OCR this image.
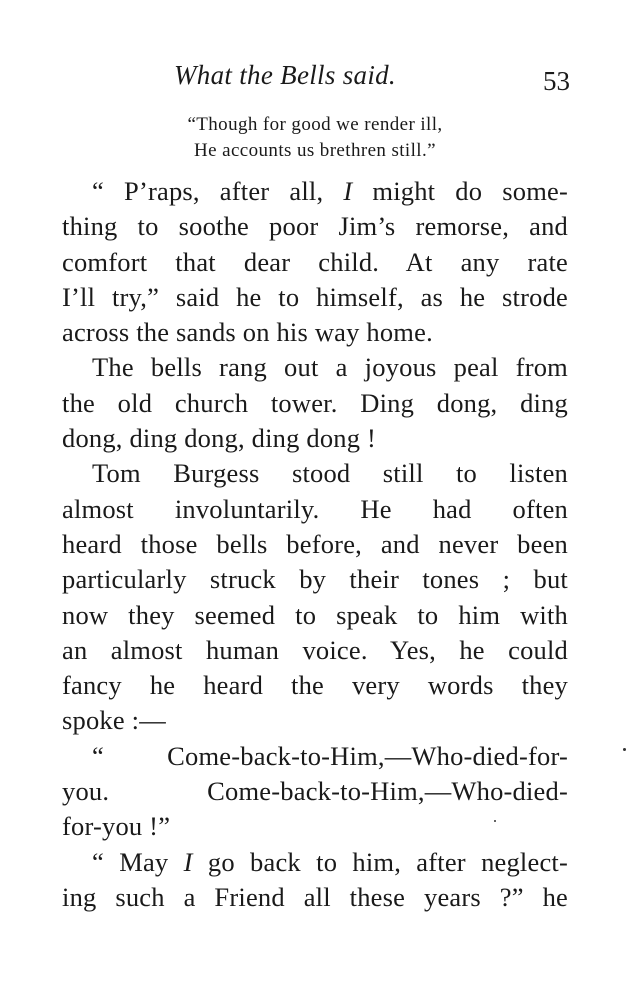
What the Bells said.	53
“Though for good we render ill,
He accounts us brethren still.”
“ P’raps, after all, I might do some-
thing to soothe poor Jim’s remorse, and
comfort that dear child. At any rate
I’ll try,” said he to himself, as he strode
across the sands on his way home.
The bells rang out a joyous peal from
the old church tower. Ding dong, ding
dong, ding dong, ding dong !
Tom Burgess stood still to listen
almost involuntarily. He had often
heard those bells before, and never been
particularly struck by their tones ; but
now they seemed to speak to him with
an almost human voice. Yes, he could
fancy he heard the very words they
spoke :—
“ Come-back-to-Him,—Who-died-for-
you. Come-back-to-Him,—Who-died-
for-you !”
“ May I go back to him, after neglect-
ing such a Friend all these years ?” he
